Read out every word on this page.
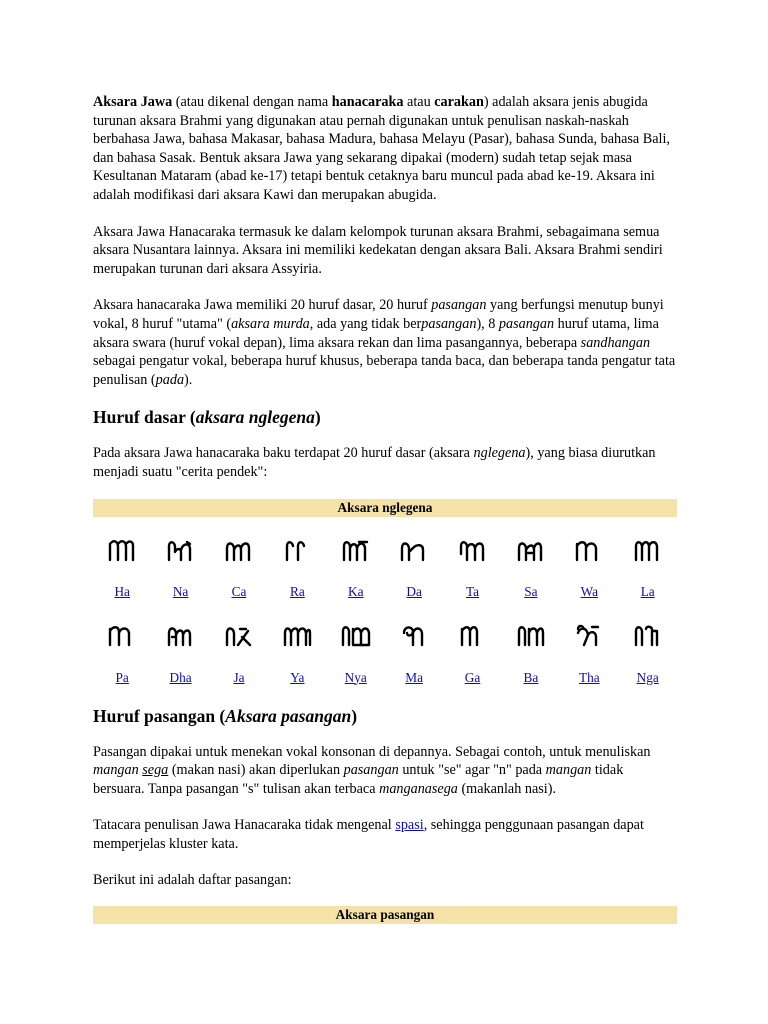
Aksara Jawa (atau dikenal dengan nama hanacaraka atau carakan) adalah aksara jenis abugida turunan aksara Brahmi yang digunakan atau pernah digunakan untuk penulisan naskah-naskah berbahasa Jawa, bahasa Makasar, bahasa Madura, bahasa Melayu (Pasar), bahasa Sunda, bahasa Bali, dan bahasa Sasak. Bentuk aksara Jawa yang sekarang dipakai (modern) sudah tetap sejak masa Kesultanan Mataram (abad ke-17) tetapi bentuk cetaknya baru muncul pada abad ke-19. Aksara ini adalah modifikasi dari aksara Kawi dan merupakan abugida.

Aksara Jawa Hanacaraka termasuk ke dalam kelompok turunan aksara Brahmi, sebagaimana semua aksara Nusantara lainnya. Aksara ini memiliki kedekatan dengan aksara Bali. Aksara Brahmi sendiri merupakan turunan dari aksara Assyiria.

Aksara hanacaraka Jawa memiliki 20 huruf dasar, 20 huruf pasangan yang berfungsi menutup bunyi vokal, 8 huruf "utama" (aksara murda, ada yang tidak berpasangan), 8 pasangan huruf utama, lima aksara swara (huruf vokal depan), lima aksara rekan dan lima pasangannya, beberapa sandhangan sebagai pengatur vokal, beberapa huruf khusus, beberapa tanda baca, dan beberapa tanda pengatur tata penulisan (pada).

Huruf dasar (aksara nglegena)

Pada aksara Jawa hanacaraka baku terdapat 20 huruf dasar (aksara nglegena), yang biasa diurutkan menjadi suatu "cerita pendek":

Aksara nglegena
Ha	Na	Ca	Ra	Ka	Da	Ta	Sa	Wa	La
Pa	Dha	Ja	Ya	Nya	Ma	Ga	Ba	Tha	Nga
Huruf pasangan (Aksara pasangan)

Pasangan dipakai untuk menekan vokal konsonan di depannya. Sebagai contoh, untuk menuliskan mangan sega (makan nasi) akan diperlukan pasangan untuk "se" agar "n" pada mangan tidak bersuara. Tanpa pasangan "s" tulisan akan terbaca manganasega (makanlah nasi).

Tatacara penulisan Jawa Hanacaraka tidak mengenal spasi, sehingga penggunaan pasangan dapat memperjelas kluster kata.

Berikut ini adalah daftar pasangan:

Aksara pasangan
